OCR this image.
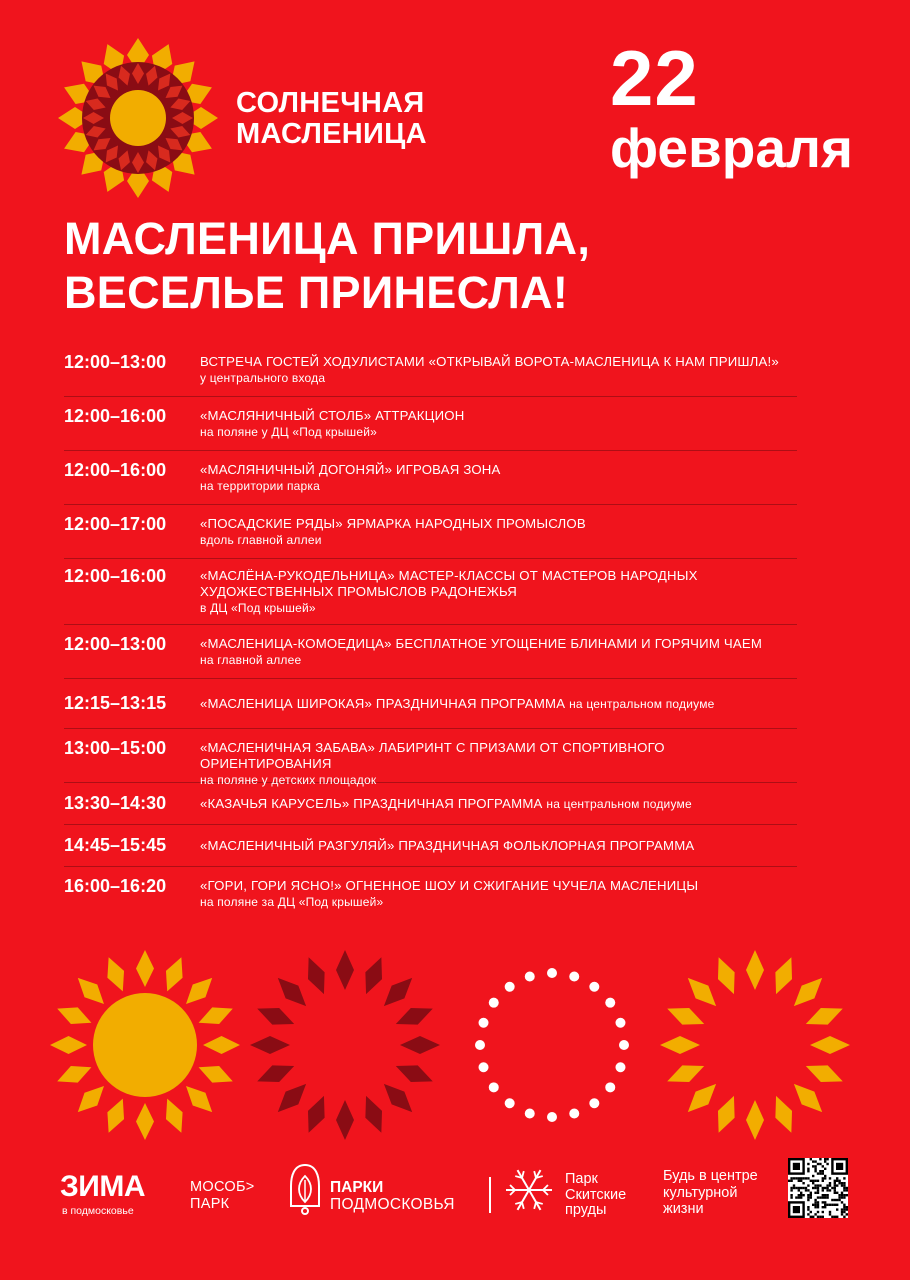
СОЛНЕЧНАЯ
МАСЛЕНИЦА
22
февраля
МАСЛЕНИЦА ПРИШЛА,
ВЕСЕЛЬЕ ПРИНЕСЛА!
12:00–13:00	ВСТРЕЧА ГОСТЕЙ ХОДУЛИСТАМИ «ОТКРЫВАЙ ВОРОТА-МАСЛЕНИЦА К НАМ ПРИШЛА!»
у центрального входа
12:00–16:00	«МАСЛЯНИЧНЫЙ СТОЛБ» АТТРАКЦИОН
на поляне у ДЦ «Под крышей»
12:00–16:00	«МАСЛЯНИЧНЫЙ ДОГОНЯЙ» ИГРОВАЯ ЗОНА
на территории парка
12:00–17:00	«ПОСАДСКИЕ РЯДЫ» ЯРМАРКА НАРОДНЫХ ПРОМЫСЛОВ
вдоль главной аллеи
12:00–16:00	«МАСЛЁНА-РУКОДЕЛЬНИЦА» МАСТЕР-КЛАССЫ ОТ МАСТЕРОВ НАРОДНЫХ ХУДОЖЕСТВЕННЫХ ПРОМЫСЛОВ РАДОНЕЖЬЯ
в ДЦ «Под крышей»
12:00–13:00	«МАСЛЕНИЦА-КОМОЕДИЦА» БЕСПЛАТНОЕ УГОЩЕНИЕ БЛИНАМИ И ГОРЯЧИМ ЧАЕМ
на главной аллее
12:15–13:15	«МАСЛЕНИЦА ШИРОКАЯ» ПРАЗДНИЧНАЯ ПРОГРАММА на центральном подиуме
13:00–15:00	«МАСЛЕНИЧНАЯ ЗАБАВА» ЛАБИРИНТ С ПРИЗАМИ ОТ СПОРТИВНОГО ОРИЕНТИРОВАНИЯ
на поляне у детских площадок
13:30–14:30	«КАЗАЧЬЯ КАРУСЕЛЬ» ПРАЗДНИЧНАЯ ПРОГРАММА на центральном подиуме
14:45–15:45	«МАСЛЕНИЧНЫЙ РАЗГУЛЯЙ» ПРАЗДНИЧНАЯ ФОЛЬКЛОРНАЯ ПРОГРАММА
16:00–16:20	«ГОРИ, ГОРИ ЯСНО!» ОГНЕННОЕ ШОУ И СЖИГАНИЕ ЧУЧЕЛА МАСЛЕНИЦЫ
на поляне за ДЦ «Под крышей»
ЗИМА
в подмосковье
МОСОБ>
ПАРК
ПАРКИ
ПОДМОСКОВЬЯ
Парк
Скитские
пруды
Будь в центре
культурной
жизни
